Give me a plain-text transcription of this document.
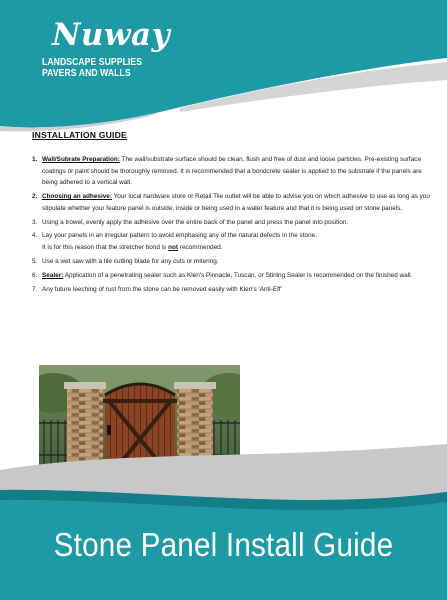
Nuway
LANDSCAPE SUPPLIES
PAVERS AND WALLS
INSTALLATION GUIDE
1. Wall/Subrate Preparation: The wall/substrate surface should be clean, flush and free of dust and loose particles. Pre-existing surface coatings or paint should be thoroughly removed. It is recommended that a bondcrete sealer is applied to the substrate if the panels are being adhered to a vertical wall.
2. Choosing an adhesive: Your local hardware store or Retail Tile outlet will be able to advise you on which adhesive to use as long as you stipulate whether your feature panel is outside, inside or being used in a water feature and that it is being used on stone panels.
3. Using a trowel, evenly apply the adhesive over the entire back of the panel and press the panel into position.
4. Lay your panels in an irregular pattern to avoid emphasing any of the natural defects in the stone.
It is for this reason that the stretcher bond is not recommended.
5. Use a wet saw with a tile cutting blade for any cuts or mitering.
6. Sealer: Application of a penetrating sealer such as Klen's Pinnacle, Tuscan, or Stirling Sealer is recommended on the finished wall.
7. Any future leeching of rust from the stone can be removed easily with Klen's 'Anti-Eff'
Stone Panel Install Guide
